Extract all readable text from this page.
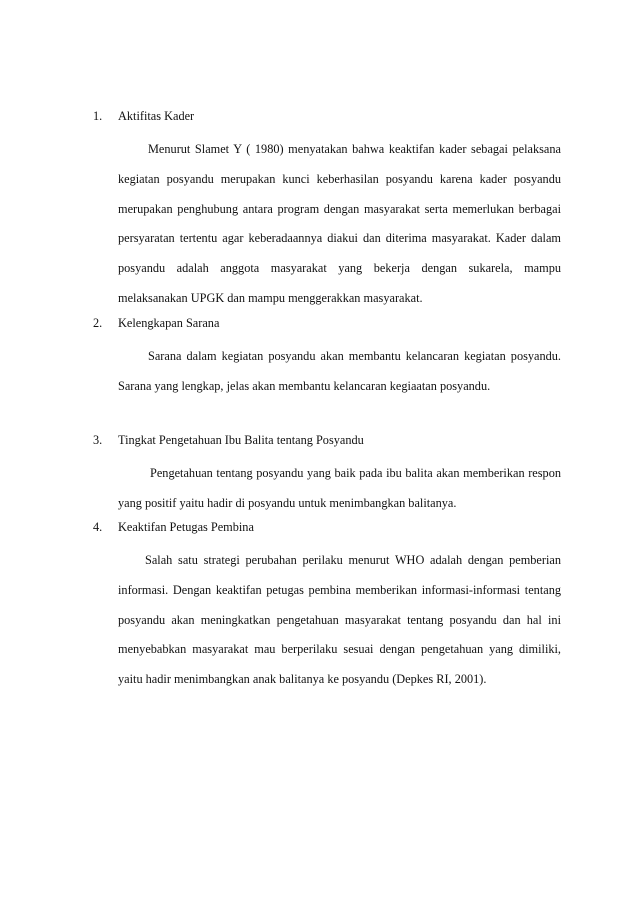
1. Aktifitas Kader

Menurut Slamet Y ( 1980) menyatakan bahwa keaktifan kader sebagai pelaksana kegiatan posyandu merupakan kunci keberhasilan posyandu karena kader posyandu merupakan penghubung antara program dengan masyarakat serta memerlukan berbagai persyaratan tertentu agar keberadaannya diakui dan diterima masyarakat. Kader dalam posyandu adalah anggota masyarakat yang bekerja dengan sukarela, mampu melaksanakan UPGK dan mampu menggerakkan masyarakat.

2. Kelengkapan Sarana

Sarana dalam kegiatan posyandu akan membantu kelancaran kegiatan posyandu. Sarana yang lengkap, jelas akan membantu kelancaran kegiaatan posyandu.

3. Tingkat Pengetahuan Ibu Balita tentang Posyandu

Pengetahuan tentang posyandu yang baik pada ibu balita akan memberikan respon yang positif yaitu hadir di posyandu untuk menimbangkan balitanya.

4. Keaktifan Petugas Pembina

Salah satu strategi perubahan perilaku menurut WHO adalah dengan pemberian informasi. Dengan keaktifan petugas pembina memberikan informasi-informasi tentang posyandu akan meningkatkan pengetahuan masyarakat tentang posyandu dan hal ini menyebabkan masyarakat mau berperilaku sesuai dengan pengetahuan yang dimiliki, yaitu hadir menimbangkan anak balitanya ke posyandu (Depkes RI, 2001).
